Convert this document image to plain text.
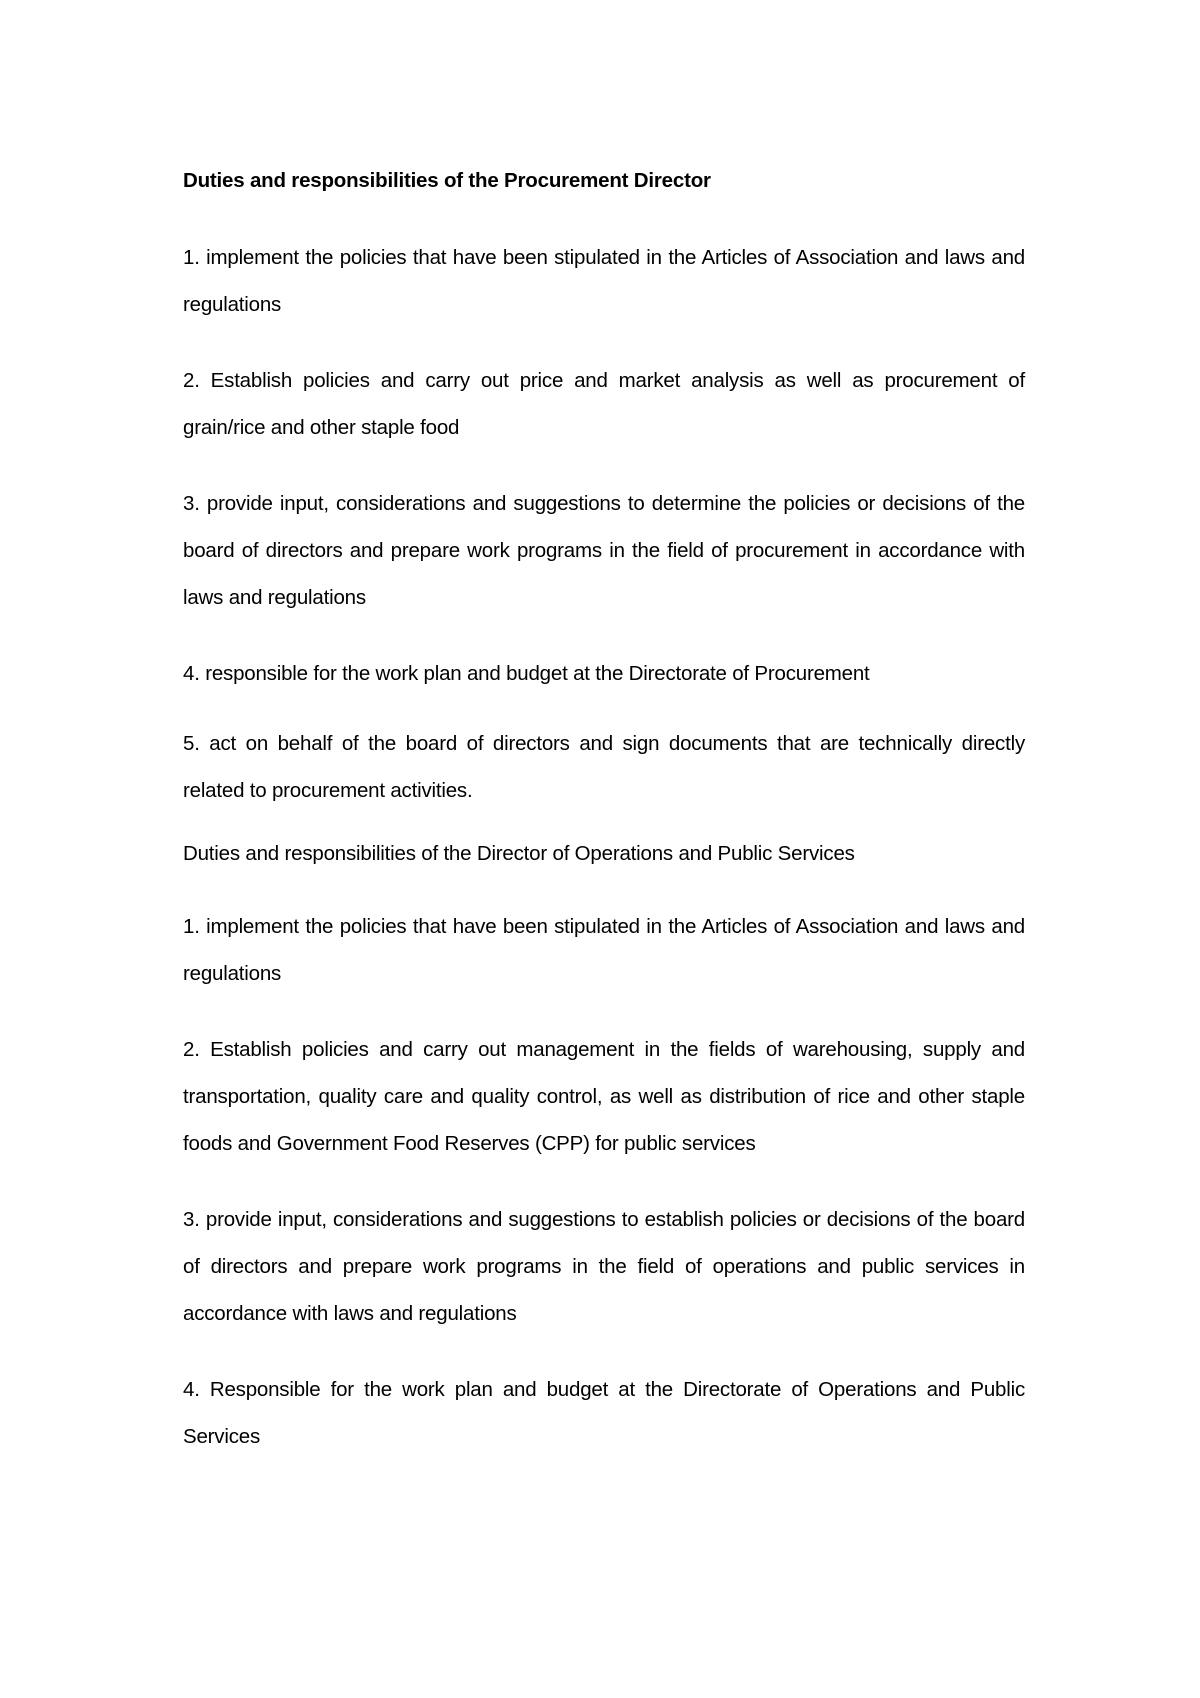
Duties and responsibilities of the Procurement Director

1. implement the policies that have been stipulated in the Articles of Association and laws and regulations

2. Establish policies and carry out price and market analysis as well as procurement of grain/rice and other staple food

3. provide input, considerations and suggestions to determine the policies or decisions of the board of directors and prepare work programs in the field of procurement in accordance with laws and regulations

4. responsible for the work plan and budget at the Directorate of Procurement

5. act on behalf of the board of directors and sign documents that are technically directly related to procurement activities.

Duties and responsibilities of the Director of Operations and Public Services

1. implement the policies that have been stipulated in the Articles of Association and laws and regulations

2. Establish policies and carry out management in the fields of warehousing, supply and transportation, quality care and quality control, as well as distribution of rice and other staple foods and Government Food Reserves (CPP) for public services

3. provide input, considerations and suggestions to establish policies or decisions of the board of directors and prepare work programs in the field of operations and public services in accordance with laws and regulations

4. Responsible for the work plan and budget at the Directorate of Operations and Public Services
